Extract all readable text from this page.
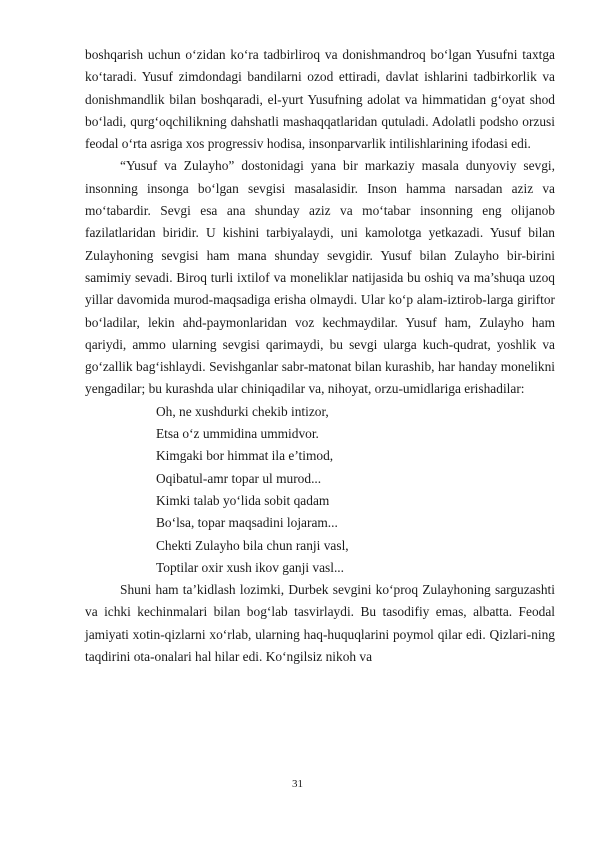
boshqarish uchun o‘zidan ko‘ra tadbirliroq va donishmandroq bo‘lgan Yusufni taxtga ko‘taradi. Yusuf zimdondagi bandilarni ozod ettiradi, davlat ishlarini tadbirkorlik va donishmandlik bilan boshqaradi, el-yurt Yusufning adolat va himmatidan g‘oyat shod bo‘ladi, qurg‘oqchilikning dahshatli mashaqqatlaridan qutuladi. Adolatli podsho orzusi feodal o‘rta asriga xos progressiv hodisa, insonparvarlik intilishlarining ifodasi edi.

“Yusuf va Zulayho” dostonidagi yana bir markaziy masala dunyoviy sevgi, insonning insonga bo‘lgan sevgisi masalasidir. Inson hamma narsadan aziz va mo‘tabardir. Sevgi esa ana shunday aziz va mo‘tabar insonning eng olijanob fazilatlaridan biridir. U kishini tarbiyalaydi, uni kamolotga yetkazadi. Yusuf bilan Zulayhoning sevgisi ham mana shunday sevgidir. Yusuf bilan Zulayho bir-birini samimiy sevadi. Biroq turli ixtilof va moneliklar natijasida bu oshiq va ma’shuqa uzoq yillar davomida murod-maqsadiga erisha olmaydi. Ular ko‘p alam-iztirob-larga giriftor bo‘ladilar, lekin ahd-paymonlaridan voz kechmaydilar. Yusuf ham, Zulayho ham qariydi, ammo ularning sevgisi qarimaydi, bu sevgi ularga kuch-qudrat, yoshlik va go‘zallik bag‘ishlaydi. Sevishganlar sabr-matonat bilan kurashib, har handay monelikni yengadilar; bu kurashda ular chiniqadilar va, nihoyat, orzu-umidlariga erishadilar:

Oh, ne xushdurki chekib intizor,
Etsa o‘z ummidina ummidvor.
Kimgaki bor himmat ila e’timod,
Oqibatul-amr topar ul murod...
Kimki talab yo‘lida sobit qadam
Bo‘lsa, topar maqsadini lojaram...
Chekti Zulayho bila chun ranji vasl,
Toptilar oxir xush ikov ganji vasl...

Shuni ham ta’kidlash lozimki, Durbek sevgini ko‘proq Zulayhoning sarguzashti va ichki kechinmalari bilan bog‘lab tasvirlaydi. Bu tasodifiy emas, albatta. Feodal jamiyati xotin-qizlarni xo‘rlab, ularning haq-huquqlarini poymol qilar edi. Qizlari-ning taqdirini ota-onalari hal hilar edi. Ko‘ngilsiz nikoh va

31
